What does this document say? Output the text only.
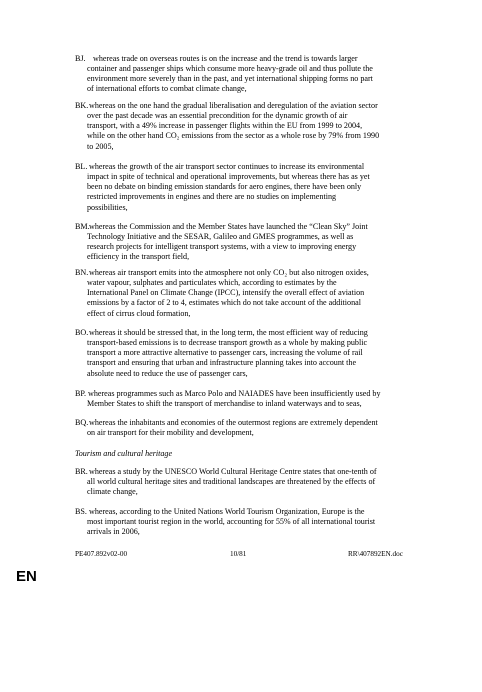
BJ. whereas trade on overseas routes is on the increase and the trend is towards larger
container and passenger ships which consume more heavy-grade oil and thus pollute the
environment more severely than in the past, and yet international shipping forms no part
of international efforts to combat climate change,
BK. whereas on the one hand the gradual liberalisation and deregulation of the aviation sector
over the past decade was an essential precondition for the dynamic growth of air
transport, with a 49% increase in passenger flights within the EU from 1999 to 2004,
while on the other hand CO₂ emissions from the sector as a whole rose by 79% from 1990
to 2005,
BL. whereas the growth of the air transport sector continues to increase its environmental
impact in spite of technical and operational improvements, but whereas there has as yet
been no debate on binding emission standards for aero engines, there have been only
restricted improvements in engines and there are no studies on implementing
possibilities,
BM. whereas the Commission and the Member States have launched the “Clean Sky” Joint
Technology Initiative and the SESAR, Galileo and GMES programmes, as well as
research projects for intelligent transport systems, with a view to improving energy
efficiency in the transport field,
BN. whereas air transport emits into the atmosphere not only CO₂ but also nitrogen oxides,
water vapour, sulphates and particulates which, according to estimates by the
International Panel on Climate Change (IPCC), intensify the overall effect of aviation
emissions by a factor of 2 to 4, estimates which do not take account of the additional
effect of cirrus cloud formation,
BO. whereas it should be stressed that, in the long term, the most efficient way of reducing
transport-based emissions is to decrease transport growth as a whole by making public
transport a more attractive alternative to passenger cars, increasing the volume of rail
transport and ensuring that urban and infrastructure planning takes into account the
absolute need to reduce the use of passenger cars,
BP. whereas programmes such as Marco Polo and NAIADES have been insufficiently used by
Member States to shift the transport of merchandise to inland waterways and to seas,
BQ. whereas the inhabitants and economies of the outermost regions are extremely dependent
on air transport for their mobility and development,
Tourism and cultural heritage
BR. whereas a study by the UNESCO World Cultural Heritage Centre states that one-tenth of
all world cultural heritage sites and traditional landscapes are threatened by the effects of
climate change,
BS. whereas, according to the United Nations World Tourism Organization, Europe is the
most important tourist region in the world, accounting for 55% of all international tourist
arrivals in 2006,
PE407.892v02-00	10/81	RR\407892EN.doc
EN
